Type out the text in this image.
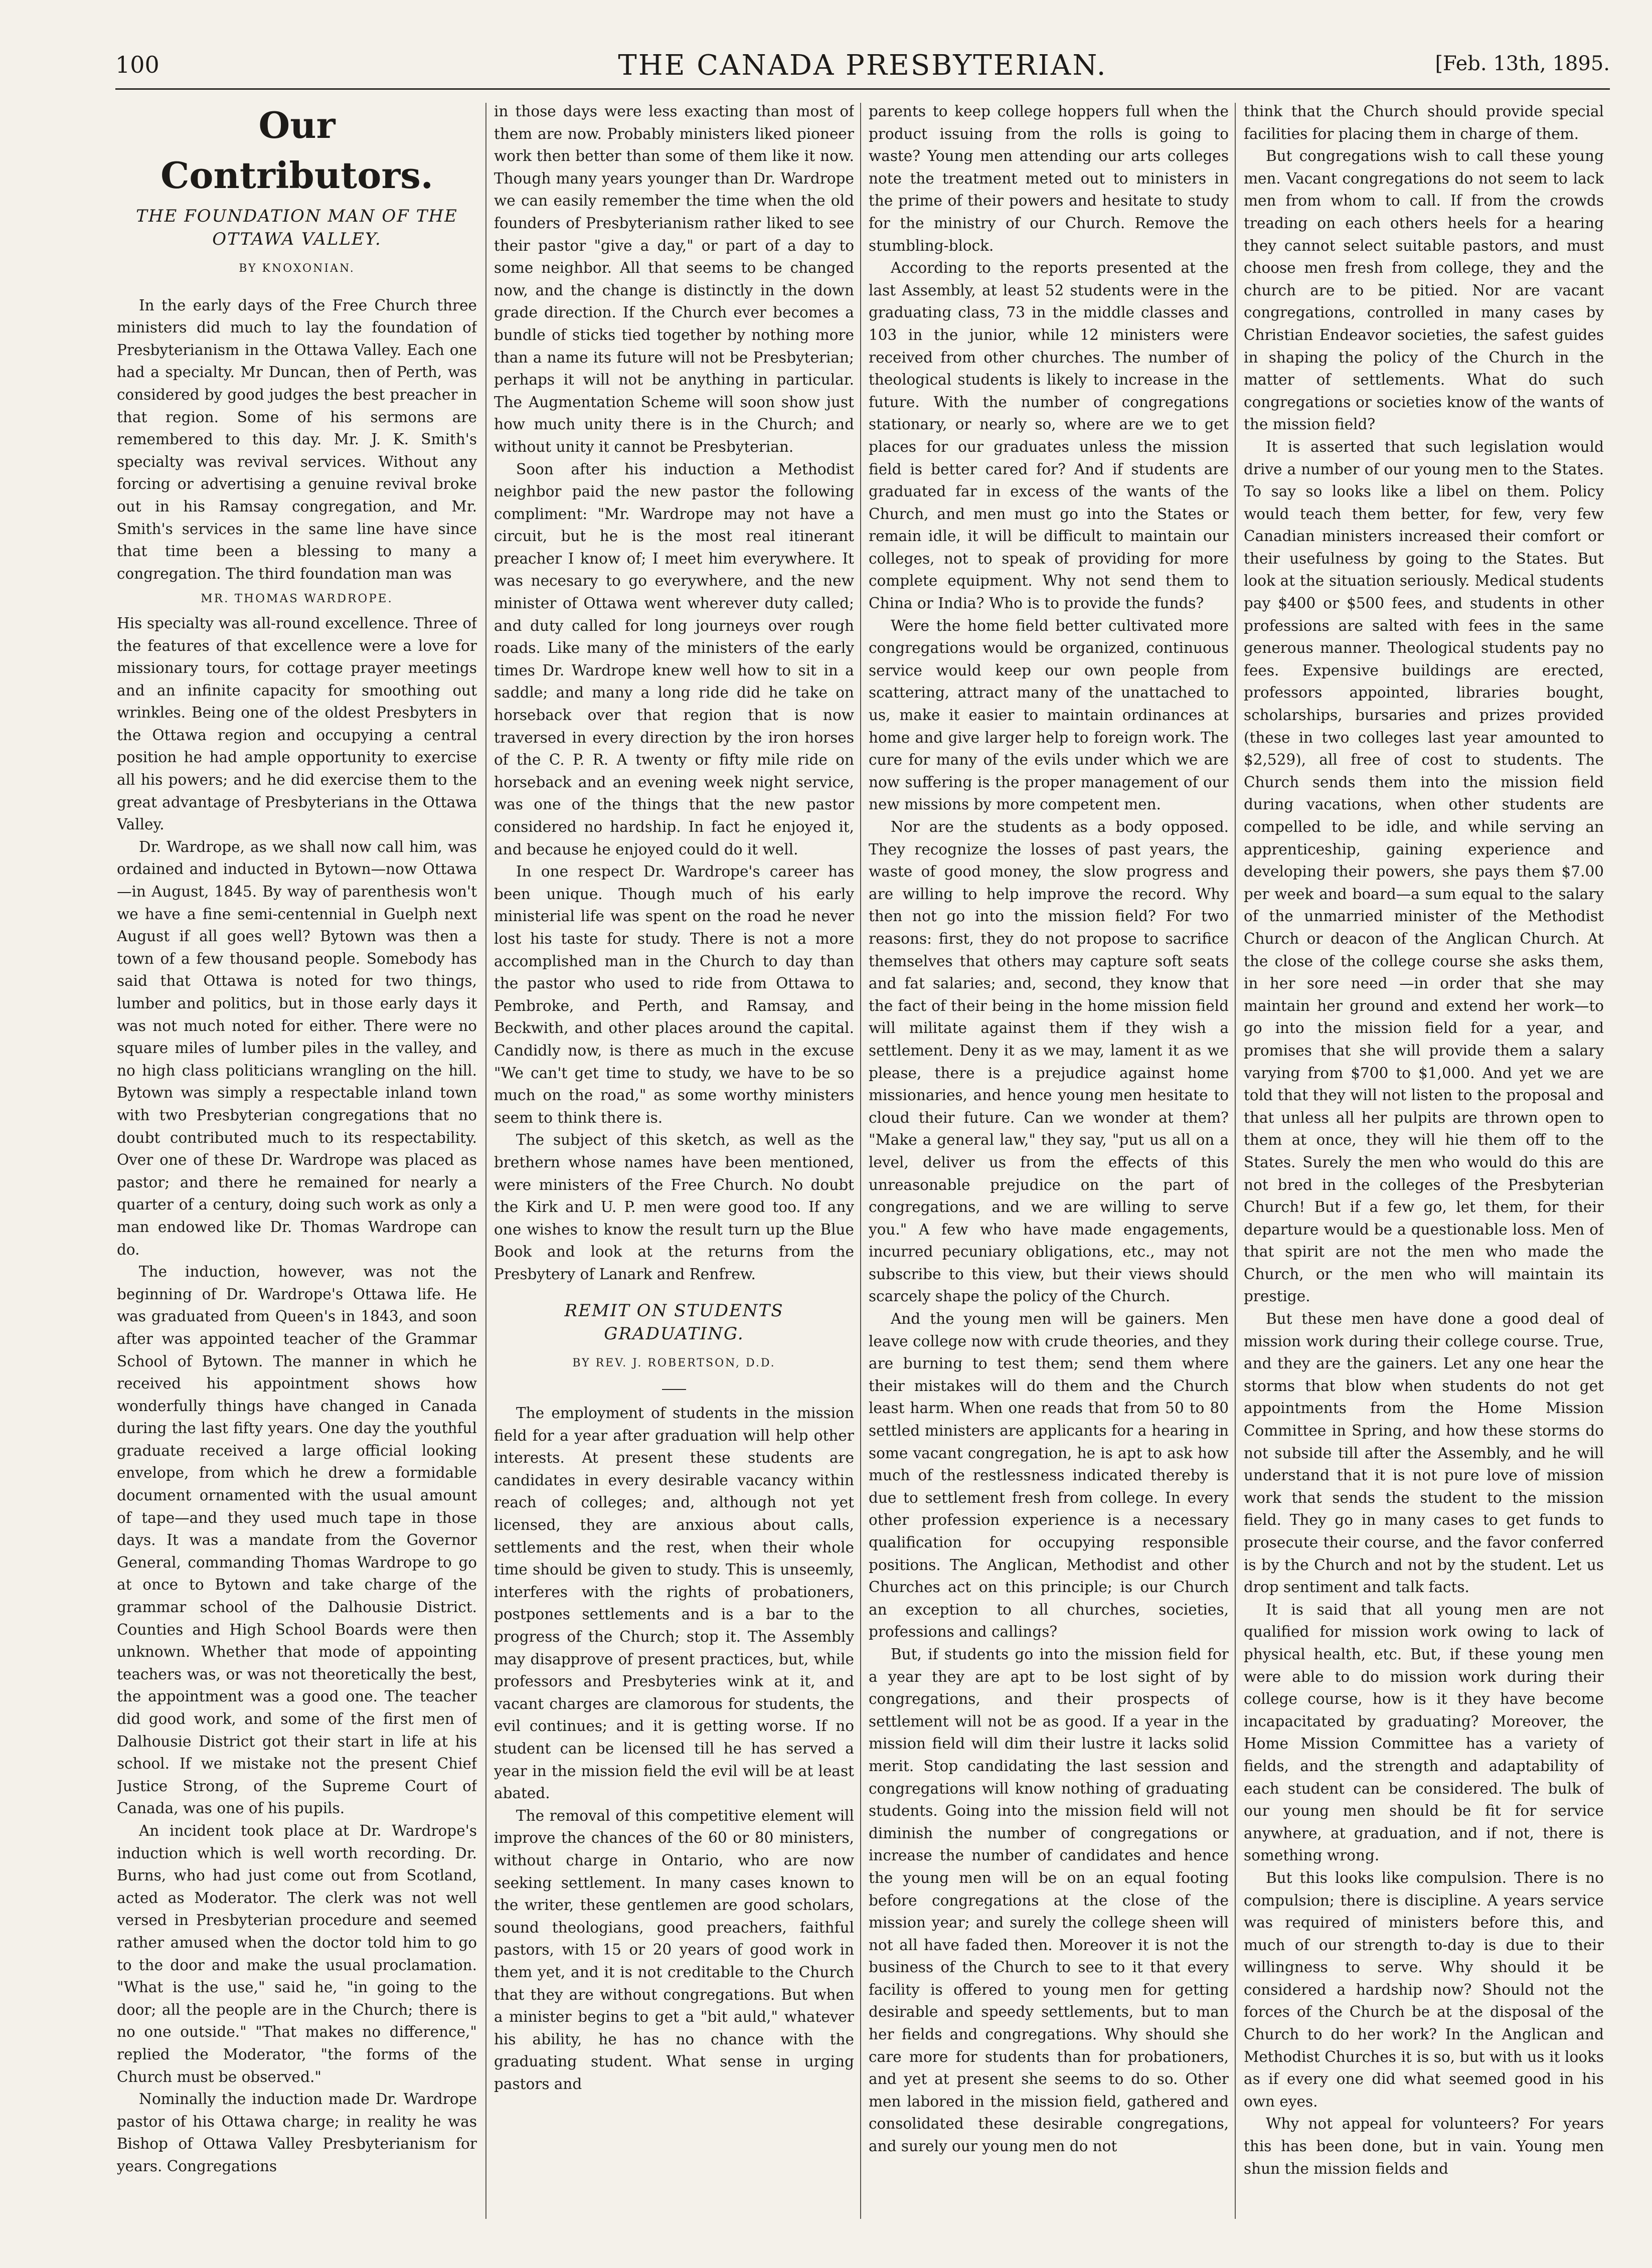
100	THE CANADA PRESBYTERIAN.	[Feb. 13th, 1895.
Our Contributors.
THE FOUNDATION MAN OF THE OTTAWA VALLEY.
BY KNOXONIAN.

In the early days of the Free Church three ministers did much to lay the foundation of Presbyterianism in the Ottawa Valley. Each one had a specialty. Mr Duncan, then of Perth, was considered by good judges the best preacher in that region. Some of his sermons are remembered to this day. Mr. J. K. Smith's specialty was revival services. Without any forcing or advertising a genuine revival broke out in his Ramsay congregation, and Mr. Smith's services in the same line have since that time been a blessing to many a congregation. The third foundation man was

MR. THOMAS WARDROPE.

His specialty was all-round excellence. Three of the features of that excellence were a love for missionary tours, for cottage prayer meetings and an infinite capacity for smoothing out wrinkles. Being one of the oldest Presbyters in the Ottawa region and occupying a central position he had ample opportunity to exercise all his powers; and he did exercise them to the great advantage of Presbyterians in the Ottawa Valley.

Dr. Wardrope, as we shall now call him, was ordained and inducted in Bytown—now Ottawa—in August, 1845. By way of parenthesis won't we have a fine semi-centennial in Guelph next August if all goes well? Bytown was then a town of a few thousand people. Somebody has said that Ottawa is noted for two things, lumber and politics, but in those early days it was not much noted for either. There were no square miles of lumber piles in the valley, and no high class politicians wrangling on the hill. Bytown was simply a respectable inland town with two Presbyterian congregations that no doubt contributed much to its respectability. Over one of these Dr. Wardrope was placed as pastor; and there he remained for nearly a quarter of a century, doing such work as only a man endowed like Dr. Thomas Wardrope can do.

The induction, however, was not the beginning of Dr. Wardrope's Ottawa life. He was graduated from Queen's in 1843, and soon after was appointed teacher of the Grammar School of Bytown. The manner in which he received his appointment shows how wonderfully things have changed in Canada during the last fifty years. One day the youthful graduate received a large official looking envelope, from which he drew a formidable document ornamented with the usual amount of tape—and they used much tape in those days. It was a mandate from the Governor General, commanding Thomas Wardrope to go at once to Bytown and take charge of the grammar school of the Dalhousie District. Counties and High School Boards were then unknown. Whether that mode of appointing teachers was, or was not theoretically the best, the appointment was a good one. The teacher did good work, and some of the first men of Dalhousie District got their start in life at his school. If we mistake not the present Chief Justice Strong, of the Supreme Court of Canada, was one of his pupils.

An incident took place at Dr. Wardrope's induction which is well worth recording. Dr. Burns, who had just come out from Scotland, acted as Moderator. The clerk was not well versed in Presbyterian procedure and seemed rather amused when the doctor told him to go to the door and make the usual proclamation. "What is the use," said he, "in going to the door; all the people are in the Church; there is no one outside." "That makes no difference," replied the Moderator, "the forms of the Church must be observed."

Nominally the induction made Dr. Wardrope pastor of his Ottawa charge; in reality he was Bishop of Ottawa Valley Presbyterianism for years. Congregations

in those days were less exacting than most of them are now. Probably ministers liked pioneer work then better than some of them like it now. Though many years younger than Dr. Wardrope we can easily remember the time when the old founders of Presbyterianism rather liked to see their pastor "give a day," or part of a day to some neighbor. All that seems to be changed now, and the change is distinctly in the down grade direction. If the Church ever becomes a bundle of sticks tied together by nothing more than a name its future will not be Presbyterian; perhaps it will not be anything in particular. The Augmentation Scheme will soon show just how much unity there is in the Church; and without unity it cannot be Presbyterian.

Soon after his induction a Methodist neighbor paid the new pastor the following compliment: "Mr. Wardrope may not have a circuit, but he is the most real itinerant preacher I know of; I meet him everywhere. It was necesary to go everywhere, and the new minister of Ottawa went wherever duty called; and duty called for long journeys over rough roads. Like many of the ministers of the early times Dr. Wardrope knew well how to sit in a saddle; and many a long ride did he take on horseback over that region that is now traversed in every direction by the iron horses of the C. P. R. A twenty or fifty mile ride on horseback and an evening week night service, was one of the things that the new pastor considered no hardship. In fact he enjoyed it, and because he enjoyed could do it well.

In one respect Dr. Wardrope's career has been unique. Though much of his early ministerial life was spent on the road he never lost his taste for study. There is not a more accomplished man in the Church to day than the pastor who used to ride from Ottawa to Pembroke, and Perth, and Ramsay, and Beckwith, and other places around the capital. Candidly now, is there as much in the excuse "We can't get time to study, we have to be so much on the road," as some worthy ministers seem to think there is.

The subject of this sketch, as well as the brethern whose names have been mentioned, were ministers of the Free Church. No doubt the Kirk and U. P. men were good too. If any one wishes to know the result turn up the Blue Book and look at the returns from the Presbytery of Lanark and Renfrew.

REMIT ON STUDENTS GRADUATING.
BY REV. J. ROBERTSON, D.D.

The employment of students in the mission field for a year after graduation will help other interests. At present these students are candidates in every desirable vacancy within reach of colleges; and, although not yet licensed, they are anxious about calls, settlements and the rest, when their whole time should be given to study. This is unseemly, interferes with the rights of probationers, postpones settlements and is a bar to the progress of the Church; stop it. The Assembly may disapprove of present practices, but, while professors and Presbyteries wink at it, and vacant charges are clamorous for students, the evil continues; and it is getting worse. If no student can be licensed till he has served a year in the mission field the evil will be at least abated.

The removal of this competitive element will improve the chances of the 60 or 80 ministers, without charge in Ontario, who are now seeking settlement. In many cases known to the writer, these gentlemen are good scholars, sound theologians, good preachers, faithful pastors, with 15 or 20 years of good work in them yet, and it is not creditable to the Church that they are without congregations. But when a minister begins to get a "bit auld," whatever his ability, he has no chance with the graduating student. What sense in urging pastors and

parents to keep college hoppers full when the product issuing from the rolls is going to waste? Young men attending our arts colleges note the treatment meted out to ministers in the prime of their powers and hesitate to study for the ministry of our Church. Remove the stumbling-block.

According to the reports presented at the last Assembly, at least 52 students were in the graduating class, 73 in the middle classes and 103 in the junior, while 12 ministers were received from other churches. The number of theological students is likely to increase in the future. With the number of congregations stationary, or nearly so, where are we to get places for our graduates unless the mission field is better cared for? And if students are graduated far in excess of the wants of the Church, and men must go into the States or remain idle, it will be difficult to maintain our colleges, not to speak of providing for more complete equipment. Why not send them to China or India? Who is to provide the funds?

Were the home field better cultivated more congregations would be organized, continuous service would keep our own people from scattering, attract many of the unattached to us, make it easier to maintain ordinances at home and give larger help to foreign work. The cure for many of the evils under which we are now suffering is the proper management of our new missions by more competent men.

Nor are the students as a body opposed. They recognize the losses of past years, the waste of good money, the slow progress and are willing to help improve the record. Why then not go into the mission field? For two reasons: first, they do not propose to sacrifice themselves that others may capture soft seats and fat salaries; and, second, they know that the fact of their being in the home mission field will militate against them if they wish a settlement. Deny it as we may, lament it as we please, there is a prejudice against home missionaries, and hence young men hesitate to cloud their future. Can we wonder at them? "Make a general law," they say, "put us all on a level, deliver us from the effects of this unreasonable prejudice on the part of congregations, and we are willing to serve you." A few who have made engagements, incurred pecuniary obligations, etc., may not subscribe to this view, but their views should scarcely shape the policy of the Church.

And the young men will be gainers. Men leave college now with crude theories, and they are burning to test them; send them where their mistakes will do them and the Church least harm. When one reads that from 50 to 80 settled ministers are applicants for a hearing in some vacant congregation, he is apt to ask how much of the restlessness indicated thereby is due to settlement fresh from college. In every other profession experience is a necessary qualification for occupying responsible positions. The Anglican, Methodist and other Churches act on this principle; is our Church an exception to all churches, societies, professions and callings?

But, if students go into the mission field for a year they are apt to be lost sight of by congregations, and their prospects of settlement will not be as good. If a year in the mission field will dim their lustre it lacks solid merit. Stop candidating the last session and congregations will know nothing of graduating students. Going into the mission field will not diminish the number of congregations or increase the number of candidates and hence the young men will be on an equal footing before congregations at the close of the mission year; and surely the college sheen will not all have faded then. Moreover it is not the business of the Church to see to it that every facility is offered to young men for getting desirable and speedy settlements, but to man her fields and congregations. Why should she care more for students than for probationers, and yet at present she seems to do so. Other men labored in the mission field, gathered and consolidated these desirable congregations, and surely our young men do not

think that the Church should provide special facilities for placing them in charge of them.

But congregations wish to call these young men. Vacant congregations do not seem to lack men from whom to call. If from the crowds treading on each others heels for a hearing they cannot select suitable pastors, and must choose men fresh from college, they and the church are to be pitied. Nor are vacant congregations, controlled in many cases by Christian Endeavor societies, the safest guides in shaping the policy of the Church in the matter of settlements. What do such congregations or societies know of the wants of the mission field?

It is asserted that such legislation would drive a number of our young men to the States. To say so looks like a libel on them. Policy would teach them better, for few, very few Canadian ministers increased their comfort or their usefulness by going to the States. But look at the situation seriously. Medical students pay $400 or $500 fees, and students in other professions are salted with fees in the same generous manner. Theological students pay no fees. Expensive buildings are erected, professors appointed, libraries bought, scholarships, bursaries and prizes provided (these in two colleges last year amounted to $2,529), all free of cost to students. The Church sends them into the mission field during vacations, when other students are compelled to be idle, and while serving an apprenticeship, gaining experience and developing their powers, she pays them $7.00 per week and board—a sum equal to the salary of the unmarried minister of the Methodist Church or deacon of the Anglican Church. At the close of the college course she asks them, in her sore need —in order that she may maintain her ground and extend her work—to go into the mission field for a year, and promises that she will provide them a salary varying from $700 to $1,000. And yet we are told that they will not listen to the proposal and that unless all her pulpits are thrown open to them at once, they will hie them off to the States. Surely the men who would do this are not bred in the colleges of the Presbyterian Church! But if a few go, let them, for their departure would be a questionable loss. Men of that spirit are not the men who made the Church, or the men who will maintain its prestige.

But these men have done a good deal of mission work during their college course. True, and they are the gainers. Let any one hear the storms that blow when students do not get appointments from the Home Mission Committee in Spring, and how these storms do not subside till after the Assembly, and he will understand that it is not pure love of mission work that sends the student to the mission field. They go in many cases to get funds to prosecute their course, and the favor conferred is by the Church and not by the student. Let us drop sentiment and talk facts.

It is said that all young men are not qualified for mission work owing to lack of physical health, etc. But, if these young men were able to do mission work during their college course, how is it they have become incapacitated by graduating? Moreover, the Home Mission Committee has a variety of fields, and the strength and adaptability of each student can be considered. The bulk of our young men should be fit for service anywhere, at graduation, and if not, there is something wrong.

But this looks like compulsion. There is no compulsion; there is discipline. A years service was required of ministers before this, and much of our strength to-day is due to their willingness to serve. Why should it be considered a hardship now? Should not the forces of the Church be at the disposal of the Church to do her work? In the Anglican and Methodist Churches it is so, but with us it looks as if every one did what seemed good in his own eyes.

Why not appeal for volunteers? For years this has been done, but in vain. Young men shun the mission fields and
